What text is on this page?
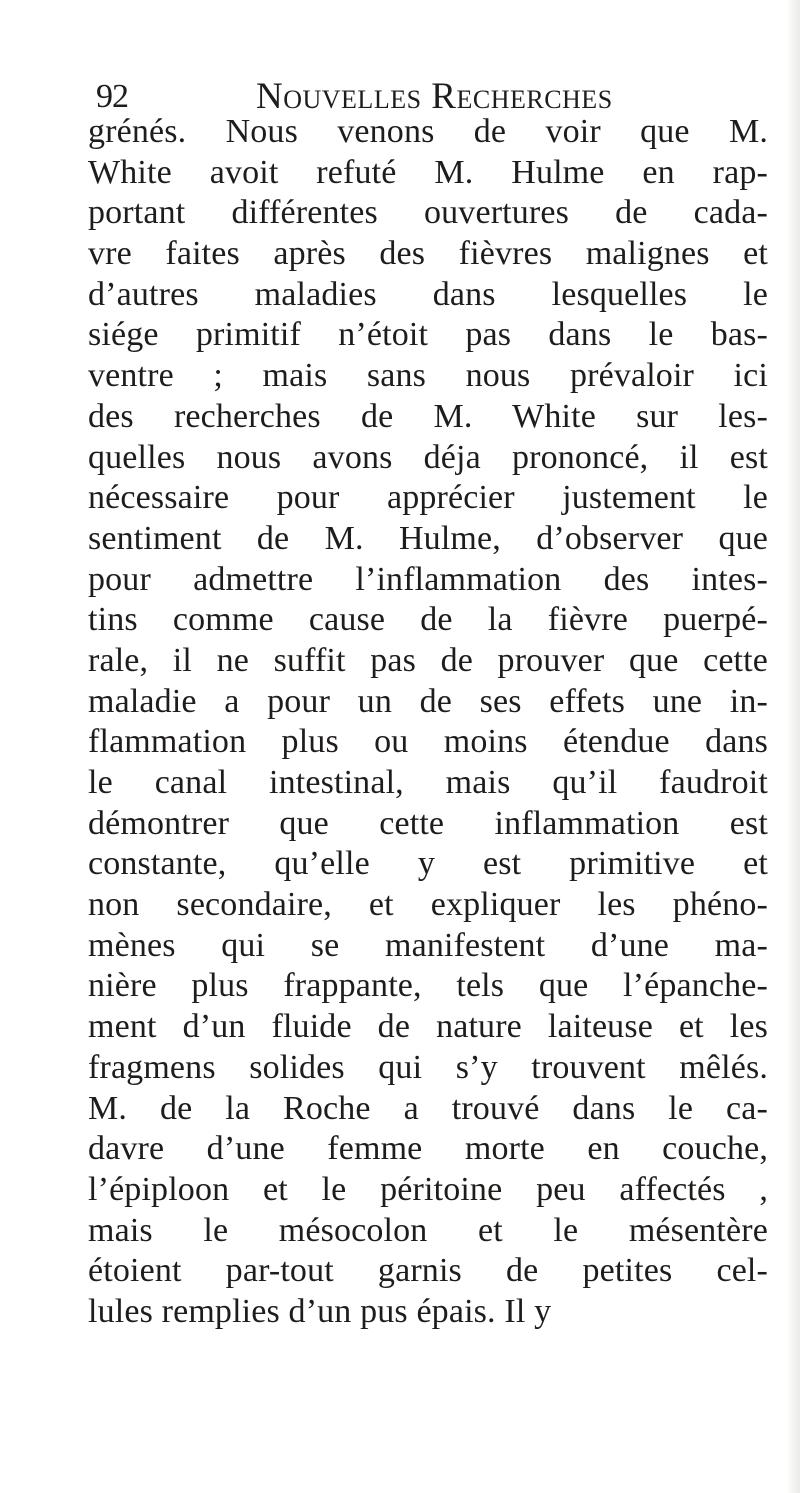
92	Nouvelles Recherches
grénés. Nous venons de voir que M.
White avoit refuté M. Hulme en rap-
portant différentes ouvertures de cada-
vre faites après des fièvres malignes et
d’autres maladies dans lesquelles le
siége primitif n’étoit pas dans le bas-
ventre ; mais sans nous prévaloir ici
des recherches de M. White sur les-
quelles nous avons déja prononcé, il est
nécessaire pour apprécier justement le
sentiment de M. Hulme, d’observer que
pour admettre l’inflammation des intes-
tins comme cause de la fièvre puerpé-
rale, il ne suffit pas de prouver que cette
maladie a pour un de ses effets une in-
flammation plus ou moins étendue dans
le canal intestinal, mais qu’il faudroit
démontrer que cette inflammation est
constante, qu’elle y est primitive et
non secondaire, et expliquer les phéno-
mènes qui se manifestent d’une ma-
nière plus frappante, tels que l’épanche-
ment d’un fluide de nature laiteuse et les
fragmens solides qui s’y trouvent mêlés.
M. de la Roche a trouvé dans le ca-
davre d’une femme morte en couche,
l’épiploon et le péritoine peu affectés ,
mais le mésocolon et le mésentère
étoient par-tout garnis de petites cel-
lules remplies d’un pus épais. Il y
